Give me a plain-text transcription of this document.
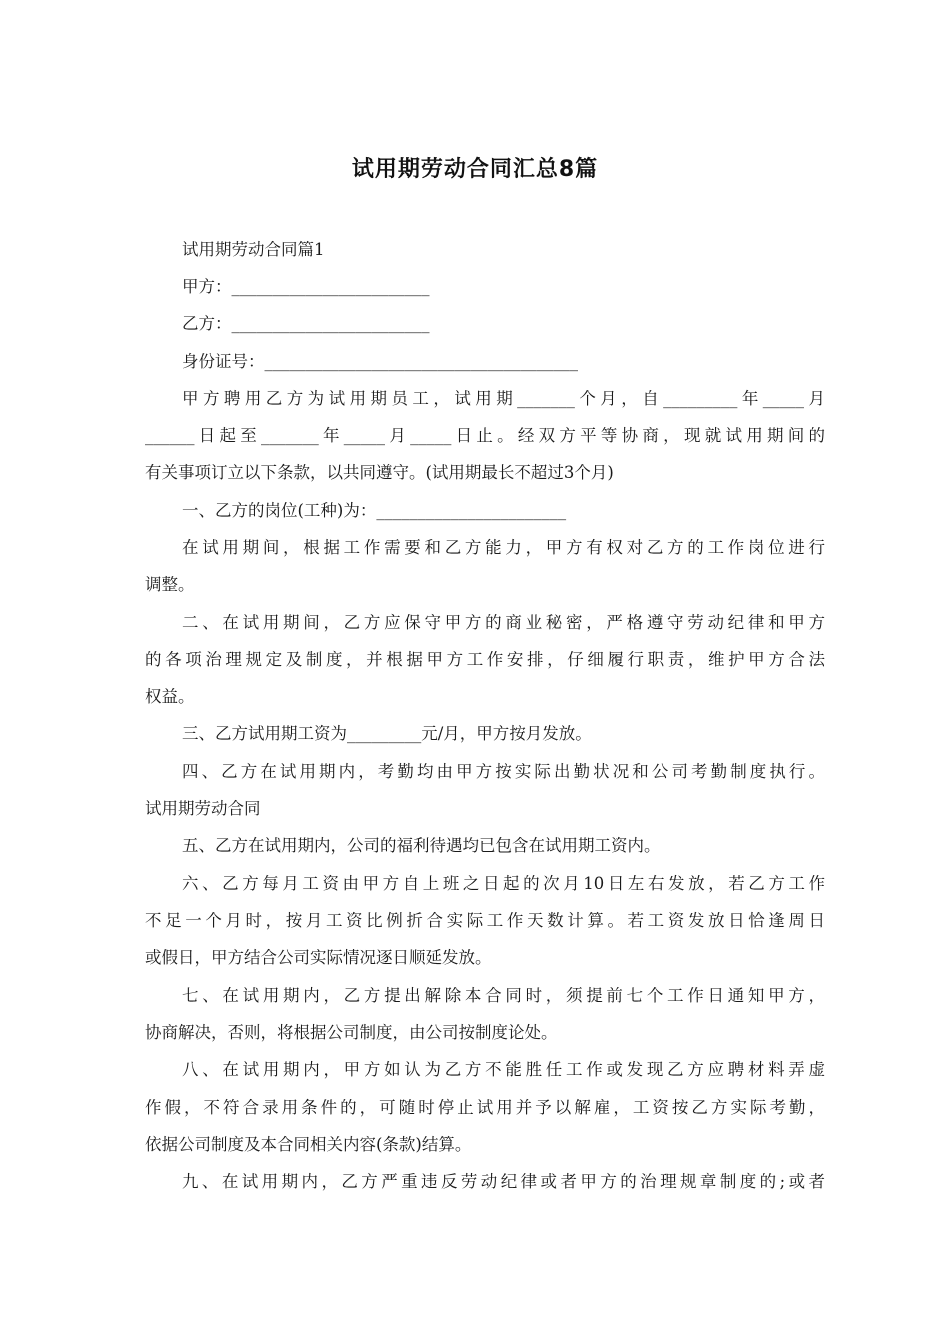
试用期劳动合同汇总8篇
试用期劳动合同篇1
甲方：________________________
乙方：________________________
身份证号：______________________________________
甲方聘用乙方为试用期员工，试用期_______个月，自_________年_____月
______日起至_______年_____月_____日止。经双方平等协商，现就试用期间的
有关事项订立以下条款，以共同遵守。(试用期最长不超过3个月)
一、乙方的岗位(工种)为：_______________________
在试用期间，根据工作需要和乙方能力，甲方有权对乙方的工作岗位进行
调整。
二、在试用期间，乙方应保守甲方的商业秘密，严格遵守劳动纪律和甲方
的各项治理规定及制度，并根据甲方工作安排，仔细履行职责，维护甲方合法
权益。
三、乙方试用期工资为_________元/月，甲方按月发放。
四、乙方在试用期内，考勤均由甲方按实际出勤状况和公司考勤制度执行。
试用期劳动合同
五、乙方在试用期内，公司的福利待遇均已包含在试用期工资内。
六、乙方每月工资由甲方自上班之日起的次月10日左右发放，若乙方工作
不足一个月时，按月工资比例折合实际工作天数计算。若工资发放日恰逢周日
或假日，甲方结合公司实际情况逐日顺延发放。
七、在试用期内，乙方提出解除本合同时，须提前七个工作日通知甲方，
协商解决，否则，将根据公司制度，由公司按制度论处。
八、在试用期内，甲方如认为乙方不能胜任工作或发现乙方应聘材料弄虚
作假，不符合录用条件的，可随时停止试用并予以解雇，工资按乙方实际考勤，
依据公司制度及本合同相关内容(条款)结算。
九、在试用期内，乙方严重违反劳动纪律或者甲方的治理规章制度的;或者
